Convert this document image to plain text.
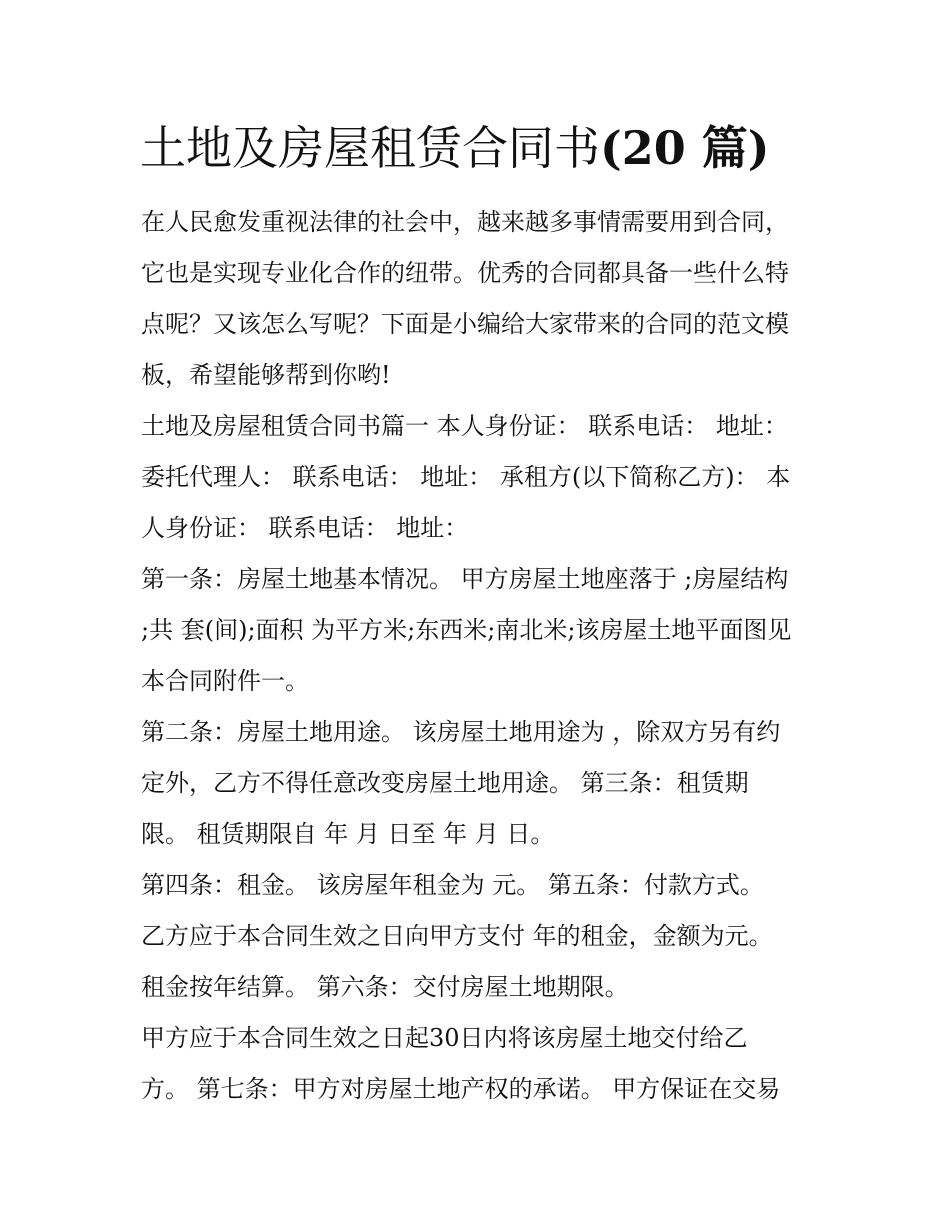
土地及房屋租赁合同书(20 篇)

在人民愈发重视法律的社会中，越来越多事情需要用到合同，

它也是实现专业化合作的纽带。优秀的合同都具备一些什么特

点呢？又该怎么写呢？下面是小编给大家带来的合同的范文模

板，希望能够帮到你哟!

土地及房屋租赁合同书篇一 本人身份证： 联系电话： 地址：

委托代理人： 联系电话： 地址： 承租方(以下简称乙方)： 本

人身份证： 联系电话： 地址：

第一条：房屋土地基本情况。 甲方房屋土地座落于 ;房屋结构

;共 套(间);面积 为平方米;东西米;南北米;该房屋土地平面图见

本合同附件一。

第二条：房屋土地用途。 该房屋土地用途为 ，除双方另有约

定外，乙方不得任意改变房屋土地用途。 第三条：租赁期

限。 租赁期限自 年 月 日至 年 月 日。

第四条：租金。 该房屋年租金为 元。 第五条：付款方式。

乙方应于本合同生效之日向甲方支付 年的租金，金额为元。

租金按年结算。 第六条：交付房屋土地期限。

甲方应于本合同生效之日起30日内将该房屋土地交付给乙

方。 第七条：甲方对房屋土地产权的承诺。 甲方保证在交易
